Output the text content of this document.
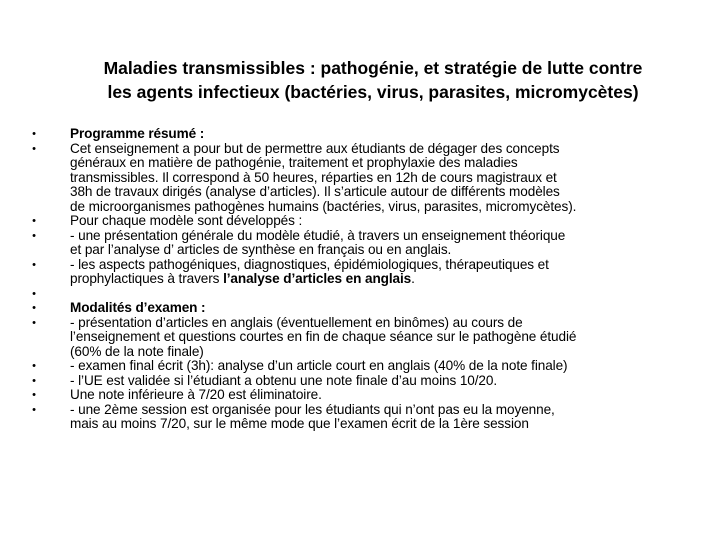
Maladies transmissibles : pathogénie, et stratégie de lutte contre
les agents infectieux (bactéries, virus, parasites, micromycètes)
•	Programme résumé :
•	Cet enseignement a pour but de permettre aux étudiants de dégager des concepts
généraux en matière de pathogénie, traitement et prophylaxie des maladies
transmissibles. Il correspond à 50 heures, réparties en 12h de cours magistraux et
38h de travaux dirigés (analyse d’articles). Il s’articule autour de différents modèles
de microorganismes pathogènes humains (bactéries, virus, parasites, micromycètes).
•	Pour chaque modèle sont développés :
•	- une présentation générale du modèle étudié, à travers un enseignement théorique
et par l’analyse d’ articles de synthèse en français ou en anglais.
•	- les aspects pathogéniques, diagnostiques, épidémiologiques, thérapeutiques et
prophylactiques à travers l’analyse d’articles en anglais.
•
•	Modalités d’examen :
•	- présentation d’articles en anglais (éventuellement en binômes) au cours de
l’enseignement et questions courtes en fin de chaque séance sur le pathogène étudié
(60% de la note finale)
•	- examen final écrit (3h): analyse d’un article court en anglais (40% de la note finale)
•	- l’UE est validée si l’étudiant a obtenu une note finale d’au moins 10/20.
•	Une note inférieure à 7/20 est éliminatoire.
•	- une 2ème session est organisée pour les étudiants qui n’ont pas eu la moyenne,
mais au moins 7/20, sur le même mode que l’examen écrit de la 1ère session
